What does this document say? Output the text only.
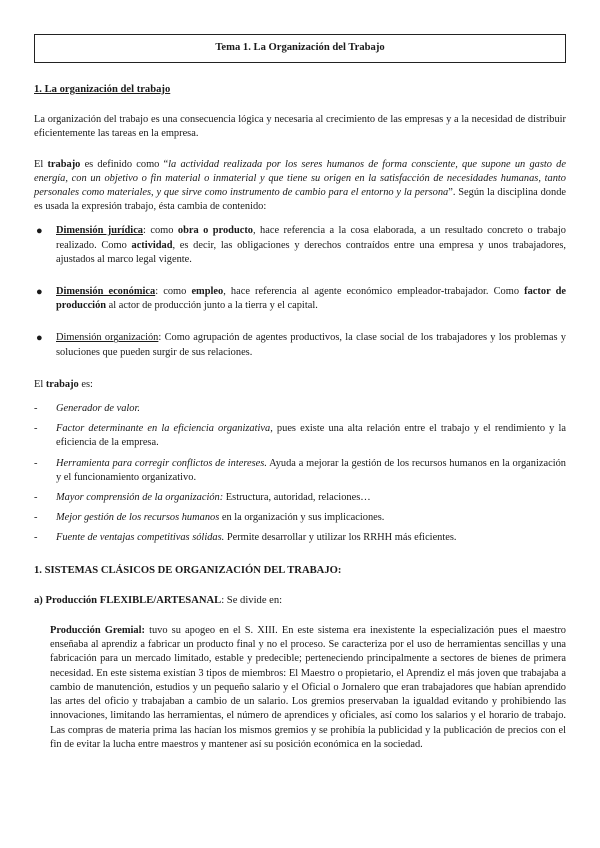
Tema 1. La Organización del Trabajo
1. La organización del trabajo

La organización del trabajo es una consecuencia lógica y necesaria al crecimiento de las empresas y a la necesidad de distribuir eficientemente las tareas en la empresa.

El trabajo es definido como “la actividad realizada por los seres humanos de forma consciente, que supone un gasto de energía, con un objetivo o fin material o inmaterial y que tiene su origen en la satisfacción de necesidades humanas, tanto personales como materiales, y que sirve como instrumento de cambio para el entorno y la persona”. Según la disciplina donde es usada la expresión trabajo, ésta cambia de contenido:

● Dimensión jurídica: como obra o producto, hace referencia a la cosa elaborada, a un resultado concreto o trabajo realizado. Como actividad, es decir, las obligaciones y derechos contraídos entre una empresa y unos trabajadores, ajustados al marco legal vigente.
● Dimensión económica: como empleo, hace referencia al agente económico empleador-trabajador. Como factor de producción al actor de producción junto a la tierra y el capital.
● Dimensión organización: Como agrupación de agentes productivos, la clase social de los trabajadores y los problemas y soluciones que pueden surgir de sus relaciones.

El trabajo es:

- Generador de valor.
- Factor determinante en la eficiencia organizativa, pues existe una alta relación entre el trabajo y el rendimiento y la eficiencia de la empresa.
- Herramienta para corregir conflictos de intereses. Ayuda a mejorar la gestión de los recursos humanos en la organización y el funcionamiento organizativo.
- Mayor comprensión de la organización: Estructura, autoridad, relaciones…
- Mejor gestión de los recursos humanos en la organización y sus implicaciones.
- Fuente de ventajas competitivas sólidas. Permite desarrollar y utilizar los RRHH más eficientes.
1. SISTEMAS CLÁSICOS DE ORGANIZACIÓN DEL TRABAJO:
a) Producción FLEXIBLE/ARTESANAL: Se divide en:

Producción Gremial: tuvo su apogeo en el S. XIII. En este sistema era inexistente la especialización pues el maestro enseñaba al aprendiz a fabricar un producto final y no el proceso. Se caracteriza por el uso de herramientas sencillas y una fabricación para un mercado limitado, estable y predecible; perteneciendo principalmente a sectores de bienes de primera necesidad. En este sistema existían 3 tipos de miembros: El Maestro o propietario, el Aprendiz el más joven que trabajaba a cambio de manutención, estudios y un pequeño salario y el Oficial o Jornalero que eran trabajadores que habían aprendido las artes del oficio y trabajaban a cambio de un salario. Los gremios preservaban la igualdad evitando y prohibiendo las innovaciones, limitando las herramientas, el número de aprendices y oficiales, así como los salarios y el horario de trabajo. Las compras de materia prima las hacían los mismos gremios y se prohibía la publicidad y la publicación de precios con el fin de evitar la lucha entre maestros y mantener así su posición económica en la sociedad.
